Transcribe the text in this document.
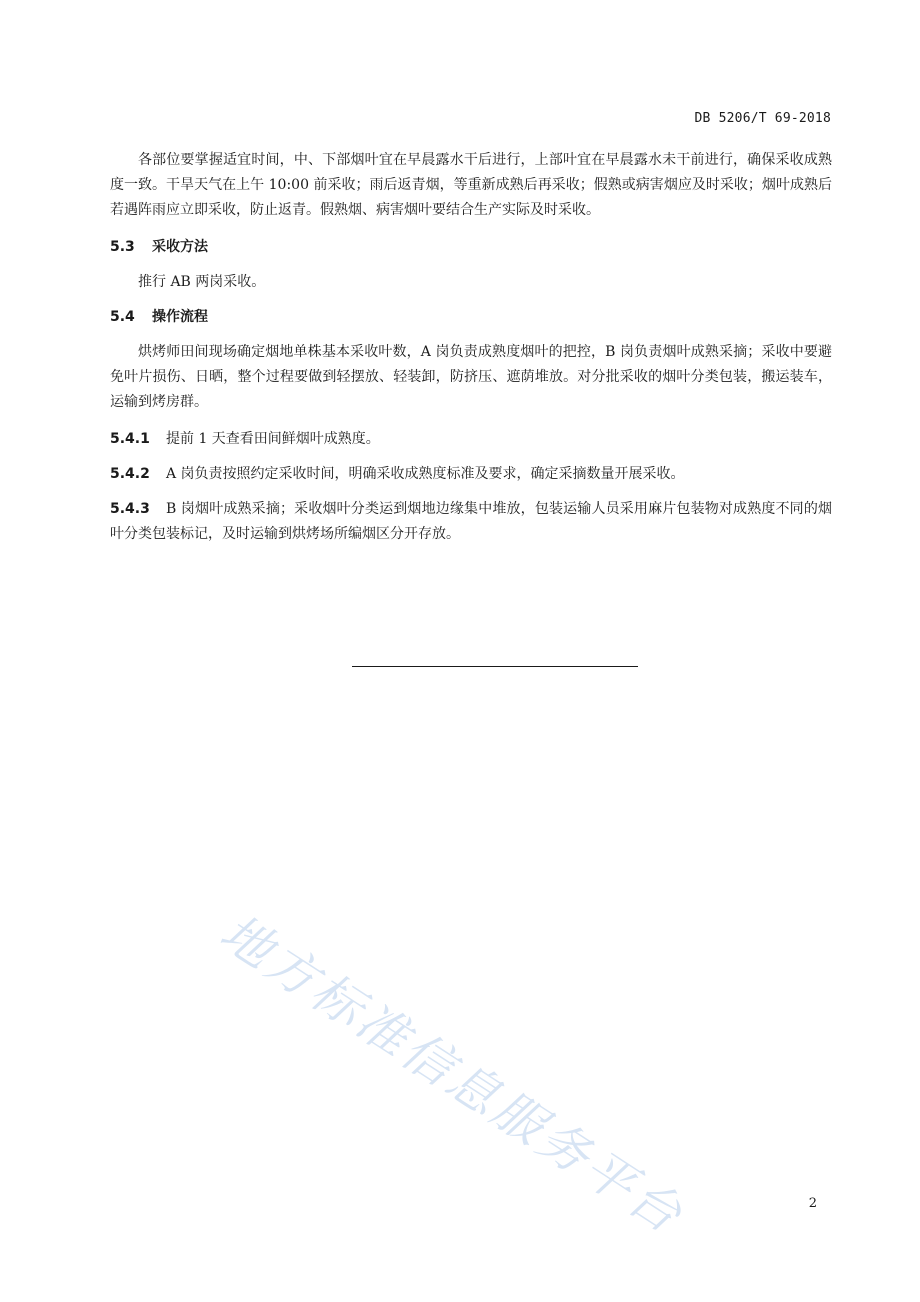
DB 5206/T 69-2018

各部位要掌握适宜时间，中、下部烟叶宜在早晨露水干后进行，上部叶宜在早晨露水未干前进行，确保采收成熟度一致。干旱天气在上午 10:00 前采收；雨后返青烟，等重新成熟后再采收；假熟或病害烟应及时采收；烟叶成熟后若遇阵雨应立即采收，防止返青。假熟烟、病害烟叶要结合生产实际及时采收。

5.3 采收方法

推行 AB 两岗采收。

5.4 操作流程

烘烤师田间现场确定烟地单株基本采收叶数，A 岗负责成熟度烟叶的把控，B 岗负责烟叶成熟采摘；采收中要避免叶片损伤、日晒，整个过程要做到轻摆放、轻装卸，防挤压、遮荫堆放。对分批采收的烟叶分类包装，搬运装车，运输到烤房群。

5.4.1 提前 1 天查看田间鲜烟叶成熟度。

5.4.2 A 岗负责按照约定采收时间，明确采收成熟度标准及要求，确定采摘数量开展采收。

5.4.3 B 岗烟叶成熟采摘；采收烟叶分类运到烟地边缘集中堆放，包装运输人员采用麻片包装物对成熟度不同的烟叶分类包装标记，及时运输到烘烤场所编烟区分开存放。

地方标准信息服务平台	2
